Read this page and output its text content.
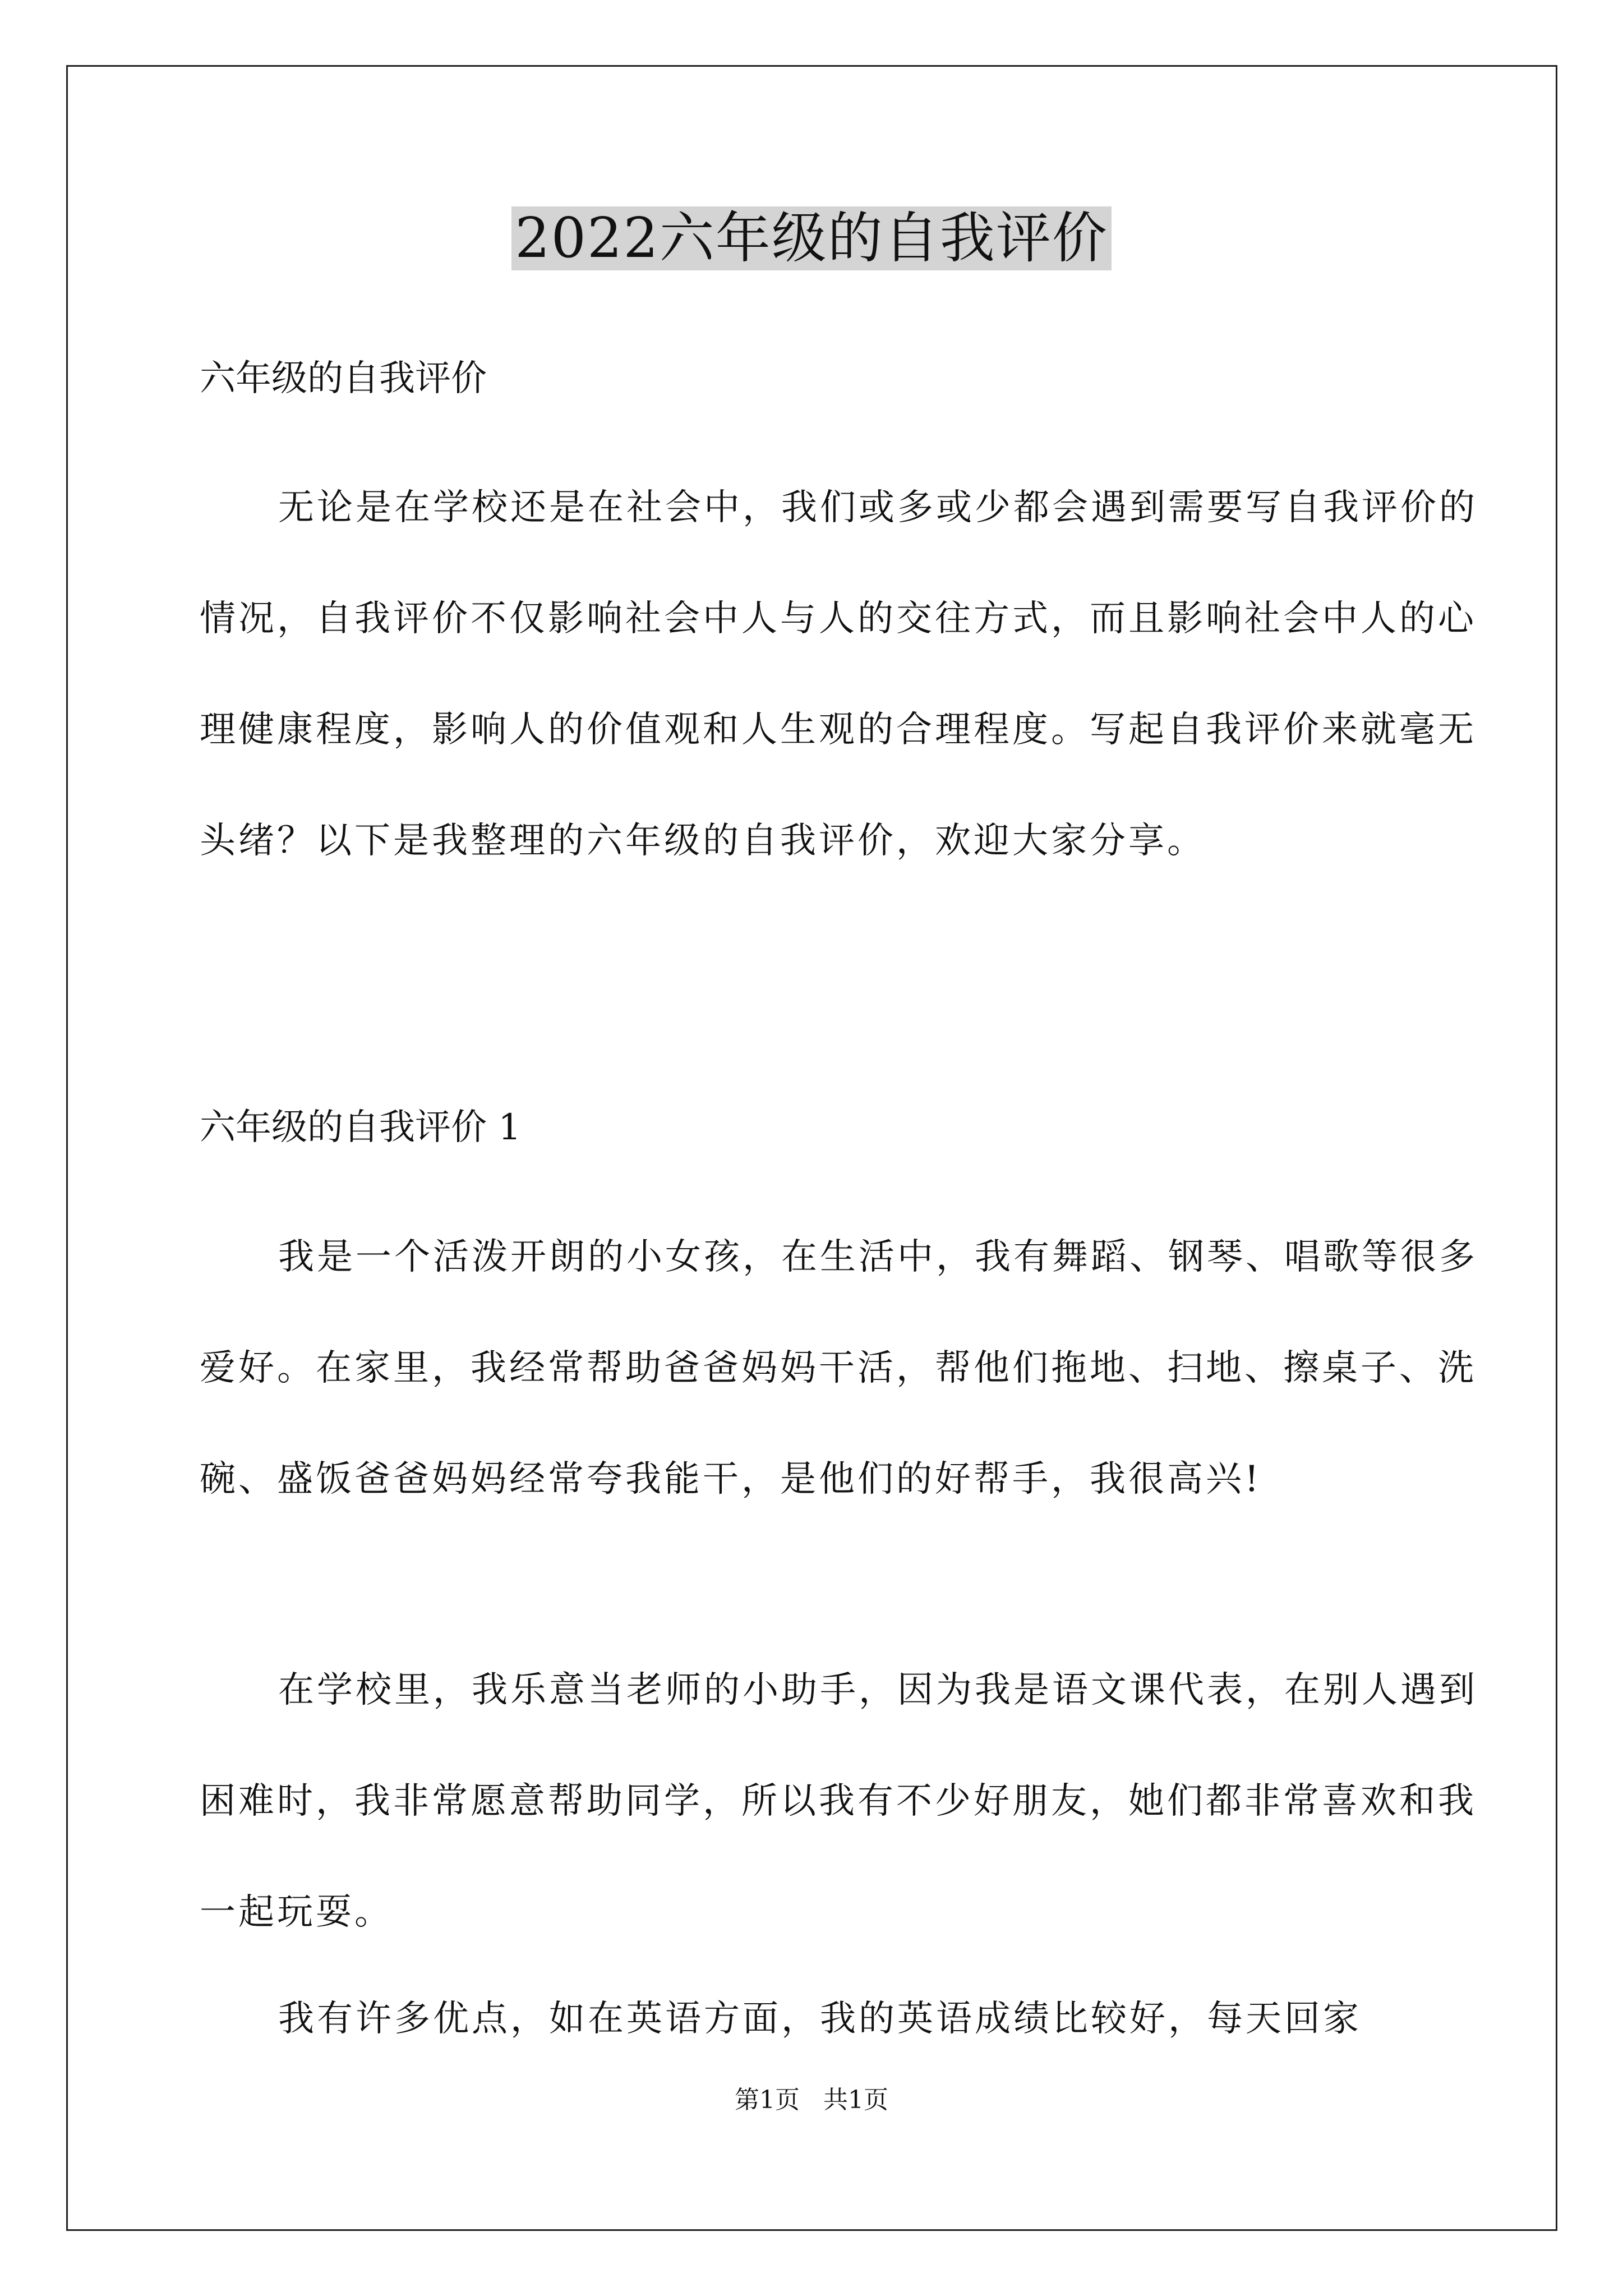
2022六年级的自我评价
六年级的自我评价

无论是在学校还是在社会中，我们或多或少都会遇到需要写自我评价的情况，自我评价不仅影响社会中人与人的交往方式，而且影响社会中人的心理健康程度，影响人的价值观和人生观的合理程度。写起自我评价来就毫无头绪？以下是我整理的六年级的自我评价，欢迎大家分享。

六年级的自我评价 1

我是一个活泼开朗的小女孩，在生活中，我有舞蹈、钢琴、唱歌等很多爱好。在家里，我经常帮助爸爸妈妈干活，帮他们拖地、扫地、擦桌子、洗碗、盛饭爸爸妈妈经常夸我能干，是他们的好帮手，我很高兴!

在学校里，我乐意当老师的小助手，因为我是语文课代表，在别人遇到困难时，我非常愿意帮助同学，所以我有不少好朋友，她们都非常喜欢和我一起玩耍。

我有许多优点，如在英语方面，我的英语成绩比较好，每天回家

第1页   共1页
